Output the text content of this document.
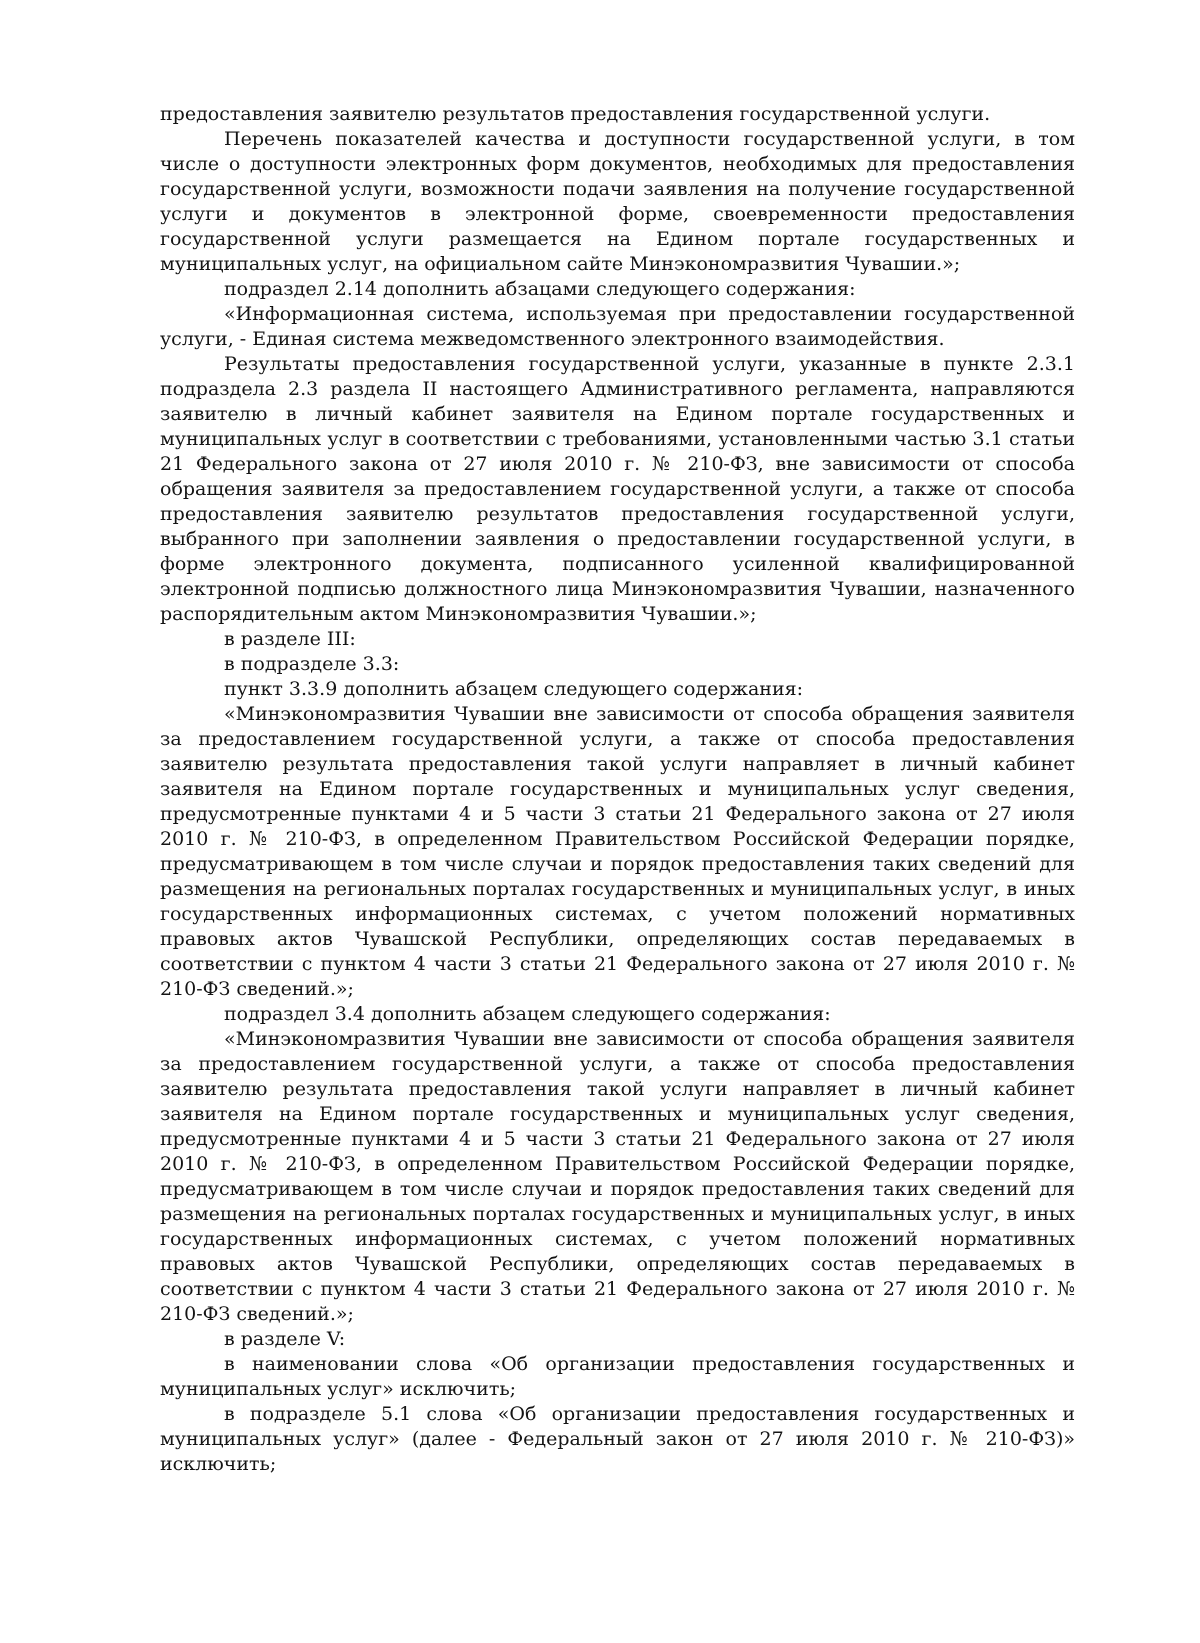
предоставления заявителю результатов предоставления государственной услуги.

Перечень показателей качества и доступности государственной услуги, в том числе о доступности электронных форм документов, необходимых для предоставления государственной услуги, возможности подачи заявления на получение государственной услуги и документов в электронной форме, своевременности предоставления государственной услуги размещается на Едином портале государственных и муниципальных услуг, на официальном сайте Минэкономразвития Чувашии.»;

подраздел 2.14 дополнить абзацами следующего содержания:

«Информационная система, используемая при предоставлении государственной услуги, - Единая система межведомственного электронного взаимодействия.

Результаты предоставления государственной услуги, указанные в пункте 2.3.1 подраздела 2.3 раздела II настоящего Административного регламента, направляются заявителю в личный кабинет заявителя на Едином портале государственных и муниципальных услуг в соответствии с требованиями, установленными частью 3.1 статьи 21 Федерального закона от 27 июля 2010 г. № 210-ФЗ, вне зависимости от способа обращения заявителя за предоставлением государственной услуги, а также от способа предоставления заявителю результатов предоставления государственной услуги, выбранного при заполнении заявления о предоставлении государственной услуги, в форме электронного документа, подписанного усиленной квалифицированной электронной подписью должностного лица Минэкономразвития Чувашии, назначенного распорядительным актом Минэкономразвития Чувашии.»;

в разделе III:

в подразделе 3.3:

пункт 3.3.9 дополнить абзацем следующего содержания:

«Минэкономразвития Чувашии вне зависимости от способа обращения заявителя за предоставлением государственной услуги, а также от способа предоставления заявителю результата предоставления такой услуги направляет в личный кабинет заявителя на Едином портале государственных и муниципальных услуг сведения, предусмотренные пунктами 4 и 5 части 3 статьи 21 Федерального закона от 27 июля 2010 г. № 210-ФЗ, в определенном Правительством Российской Федерации порядке, предусматривающем в том числе случаи и порядок предоставления таких сведений для размещения на региональных порталах государственных и муниципальных услуг, в иных государственных информационных системах, с учетом положений нормативных правовых актов Чувашской Республики, определяющих состав передаваемых в соответствии с пунктом 4 части 3 статьи 21 Федерального закона от 27 июля 2010 г. № 210-ФЗ сведений.»;

подраздел 3.4 дополнить абзацем следующего содержания:

«Минэкономразвития Чувашии вне зависимости от способа обращения заявителя за предоставлением государственной услуги, а также от способа предоставления заявителю результата предоставления такой услуги направляет в личный кабинет заявителя на Едином портале государственных и муниципальных услуг сведения, предусмотренные пунктами 4 и 5 части 3 статьи 21 Федерального закона от 27 июля 2010 г. № 210-ФЗ, в определенном Правительством Российской Федерации порядке, предусматривающем в том числе случаи и порядок предоставления таких сведений для размещения на региональных порталах государственных и муниципальных услуг, в иных государственных информационных системах, с учетом положений нормативных правовых актов Чувашской Республики, определяющих состав передаваемых в соответствии с пунктом 4 части 3 статьи 21 Федерального закона от 27 июля 2010 г. № 210-ФЗ сведений.»;

в разделе V:

в наименовании слова «Об организации предоставления государственных и муниципальных услуг» исключить;

в подразделе 5.1 слова «Об организации предоставления государственных и муниципальных услуг» (далее - Федеральный закон от 27 июля 2010 г. № 210-ФЗ)» исключить;
